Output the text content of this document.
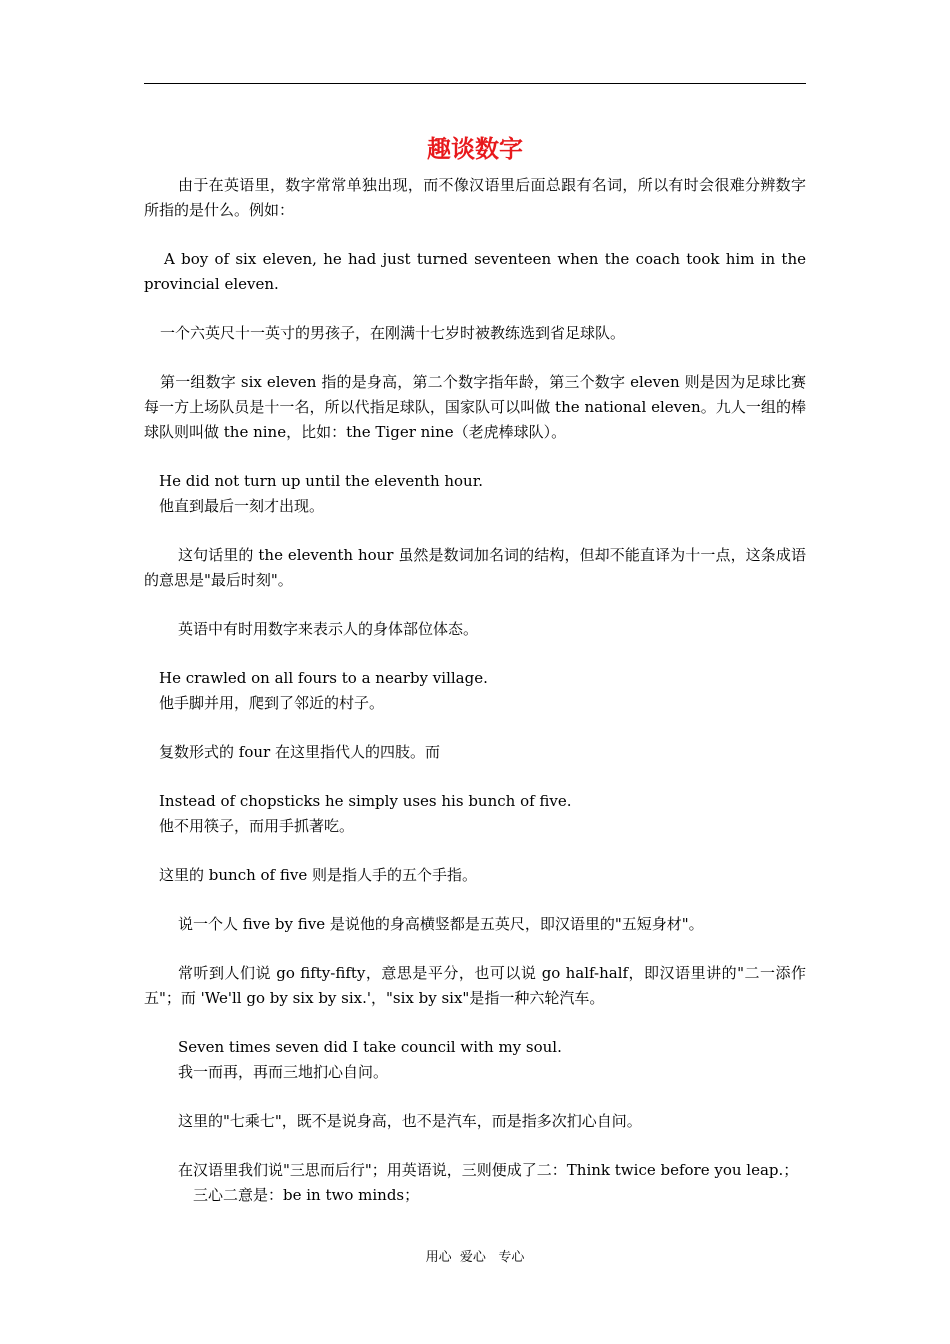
趣谈数字

由于在英语里，数字常常单独出现，而不像汉语里后面总跟有名词，所以有时会很难分辨数字所指的是什么。例如：

A boy of six eleven, he had just turned seventeen when the coach took him in the provincial eleven.

一个六英尺十一英寸的男孩子，在刚满十七岁时被教练选到省足球队。

第一组数字 six eleven 指的是身高，第二个数字指年龄，第三个数字 eleven 则是因为足球比赛每一方上场队员是十一名，所以代指足球队，国家队可以叫做 the national eleven。九人一组的棒球队则叫做 the nine，比如：the Tiger nine（老虎棒球队）。

He did not turn up until the eleventh hour.

他直到最后一刻才出现。

这句话里的 the eleventh hour 虽然是数词加名词的结构，但却不能直译为十一点，这条成语的意思是"最后时刻"。

英语中有时用数字来表示人的身体部位体态。

He crawled on all fours to a nearby village.

他手脚并用，爬到了邻近的村子。

复数形式的 four 在这里指代人的四肢。而

Instead of chopsticks he simply uses his bunch of five.

他不用筷子，而用手抓著吃。

这里的 bunch of five 则是指人手的五个手指。

说一个人 five by five 是说他的身高横竖都是五英尺，即汉语里的"五短身材"。

常听到人们说 go fifty-fifty，意思是平分，也可以说 go half-half，即汉语里讲的"二一添作五"；而 'We'll go by six by six.'，"six by six"是指一种六轮汽车。

Seven times seven did I take council with my soul.

我一而再，再而三地扪心自问。

这里的"七乘七"，既不是说身高，也不是汽车，而是指多次扪心自问。

在汉语里我们说"三思而后行"；用英语说，三则便成了二：Think twice before you leap.；

三心二意是：be in two minds；

用心  爱心   专心
